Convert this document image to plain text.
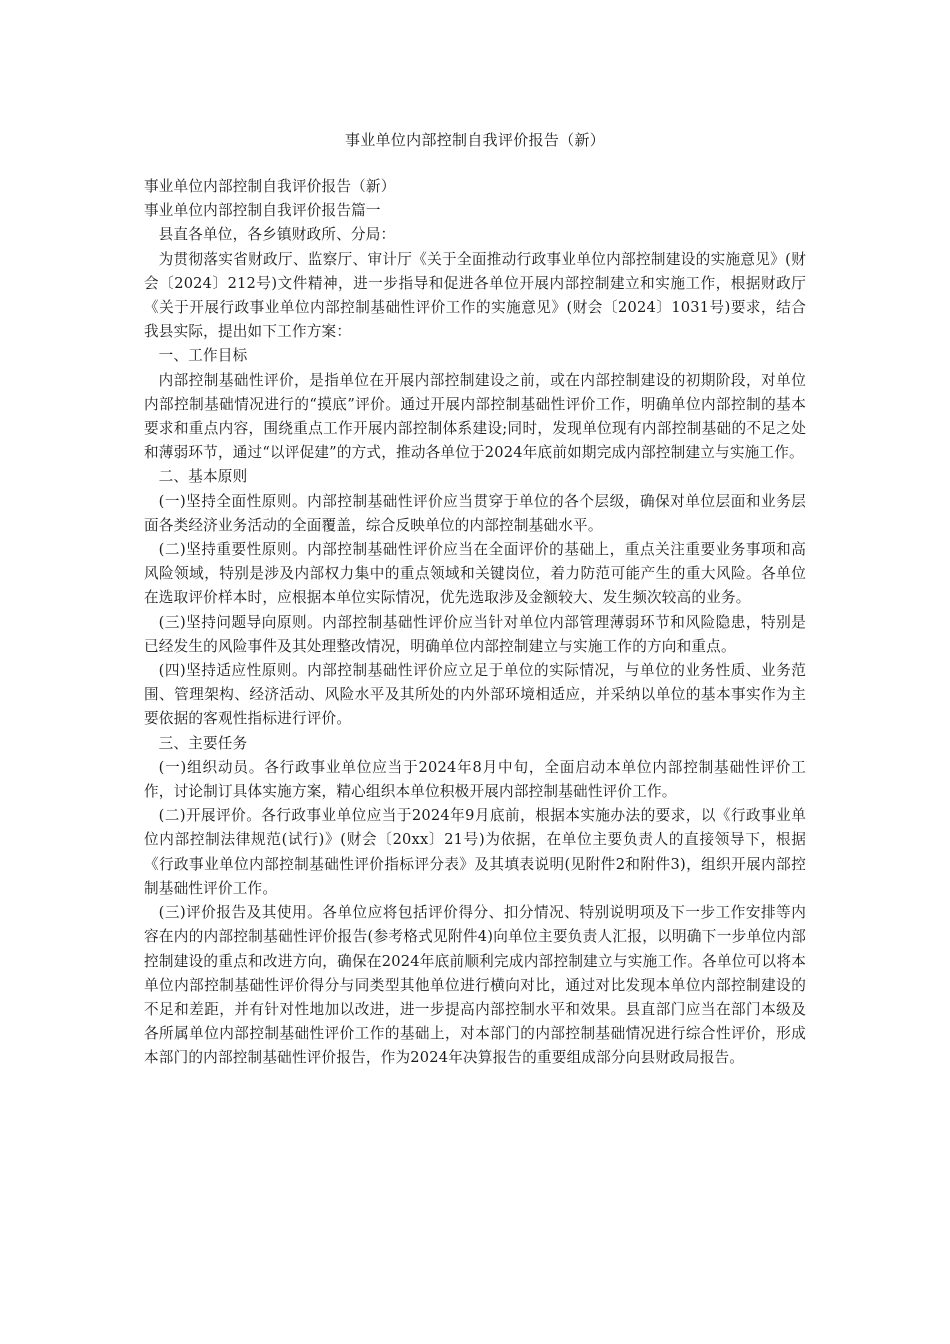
事业单位内部控制自我评价报告（新）

事业单位内部控制自我评价报告（新）

事业单位内部控制自我评价报告篇一

县直各单位，各乡镇财政所、分局：

为贯彻落实省财政厅、监察厅、审计厅《关于全面推动行政事业单位内部控制建设的实施意见》(财会〔2024〕212号)文件精神，进一步指导和促进各单位开展内部控制建立和实施工作，根据财政厅《关于开展行政事业单位内部控制基础性评价工作的实施意见》(财会〔2024〕1031号)要求，结合我县实际，提出如下工作方案：

一、工作目标

内部控制基础性评价，是指单位在开展内部控制建设之前，或在内部控制建设的初期阶段，对单位内部控制基础情况进行的“摸底”评价。通过开展内部控制基础性评价工作，明确单位内部控制的基本要求和重点内容，围绕重点工作开展内部控制体系建设;同时，发现单位现有内部控制基础的不足之处和薄弱环节，通过“以评促建”的方式，推动各单位于2024年底前如期完成内部控制建立与实施工作。

二、基本原则

(一)坚持全面性原则。内部控制基础性评价应当贯穿于单位的各个层级，确保对单位层面和业务层面各类经济业务活动的全面覆盖，综合反映单位的内部控制基础水平。

(二)坚持重要性原则。内部控制基础性评价应当在全面评价的基础上，重点关注重要业务事项和高风险领域，特别是涉及内部权力集中的重点领域和关键岗位，着力防范可能产生的重大风险。各单位在选取评价样本时，应根据本单位实际情况，优先选取涉及金额较大、发生频次较高的业务。

(三)坚持问题导向原则。内部控制基础性评价应当针对单位内部管理薄弱环节和风险隐患，特别是已经发生的风险事件及其处理整改情况，明确单位内部控制建立与实施工作的方向和重点。

(四)坚持适应性原则。内部控制基础性评价应立足于单位的实际情况，与单位的业务性质、业务范围、管理架构、经济活动、风险水平及其所处的内外部环境相适应，并采纳以单位的基本事实作为主要依据的客观性指标进行评价。

三、主要任务

(一)组织动员。各行政事业单位应当于2024年8月中旬，全面启动本单位内部控制基础性评价工作，讨论制订具体实施方案，精心组织本单位积极开展内部控制基础性评价工作。

(二)开展评价。各行政事业单位应当于2024年9月底前，根据本实施办法的要求，以《行政事业单位内部控制法律规范(试行)》(财会〔20xx〕21号)为依据，在单位主要负责人的直接领导下，根据《行政事业单位内部控制基础性评价指标评分表》及其填表说明(见附件2和附件3)，组织开展内部控制基础性评价工作。

(三)评价报告及其使用。各单位应将包括评价得分、扣分情况、特别说明项及下一步工作安排等内容在内的内部控制基础性评价报告(参考格式见附件4)向单位主要负责人汇报，以明确下一步单位内部控制建设的重点和改进方向，确保在2024年底前顺利完成内部控制建立与实施工作。各单位可以将本单位内部控制基础性评价得分与同类型其他单位进行横向对比，通过对比发现本单位内部控制建设的不足和差距，并有针对性地加以改进，进一步提高内部控制水平和效果。县直部门应当在部门本级及各所属单位内部控制基础性评价工作的基础上，对本部门的内部控制基础情况进行综合性评价，形成本部门的内部控制基础性评价报告，作为2024年决算报告的重要组成部分向县财政局报告。
